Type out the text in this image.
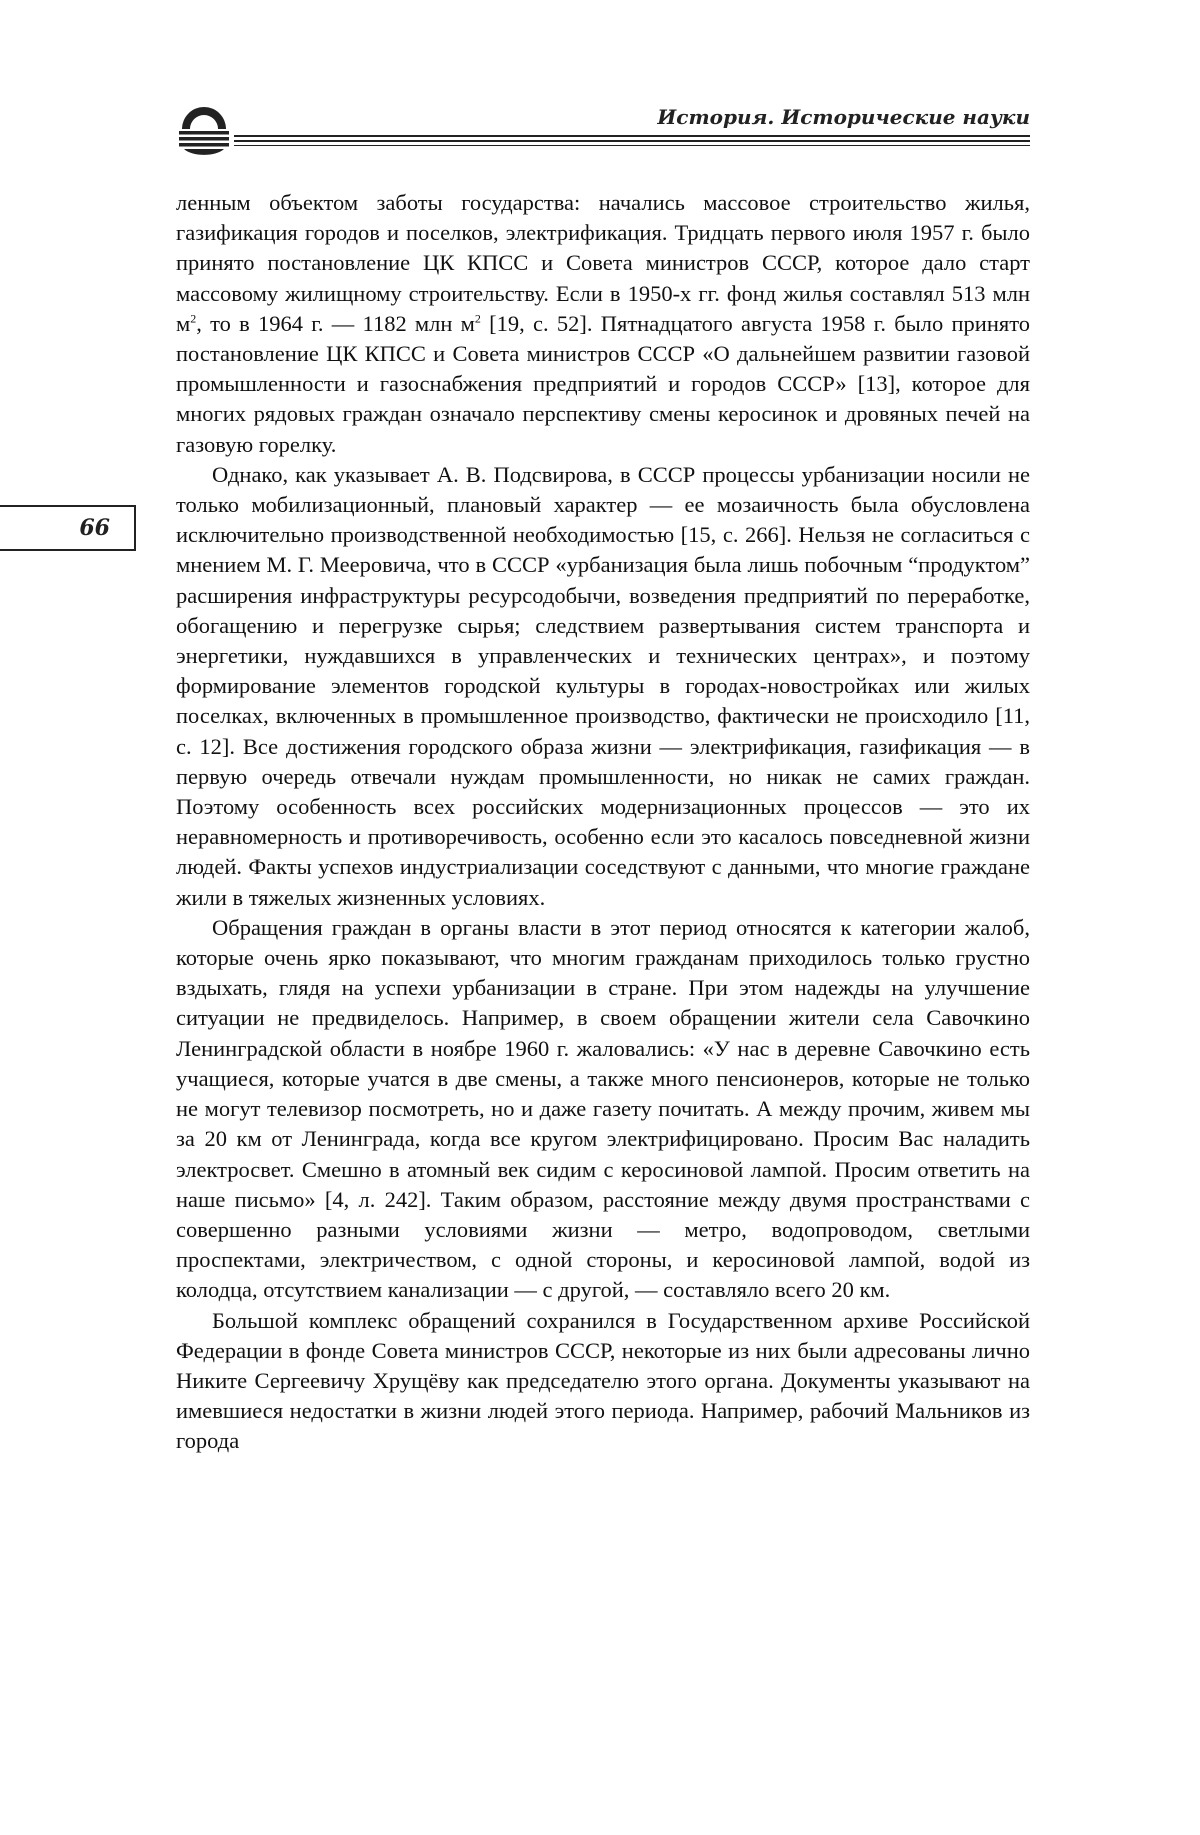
История. Исторические науки
66

ленным объектом заботы государства: начались массовое строительство жилья, газификация городов и поселков, электрификация. Тридцать первого июля 1957 г. было принято постановление ЦК КПСС и Совета министров СССР, которое дало старт массовому жилищному строительству. Если в 1950-х гг. фонд жилья составлял 513 млн $м^2$, то в 1964 г. — 1182 млн $м^2$ [19, с. 52]. Пятнадцатого августа 1958 г. было принято постановление ЦК КПСС и Совета министров СССР «О дальнейшем развитии газовой промышленности и газоснабжения предприятий и городов СССР» [13], которое для многих рядовых граждан означало перспективу смены керосинок и дровяных печей на газовую горелку.

Однако, как указывает А. В. Подсвирова, в СССР процессы урбанизации носили не только мобилизационный, плановый характер — ее мозаичность была обусловлена исключительно производственной необходимостью [15, с. 266]. Нельзя не согласиться с мнением М. Г. Мееровича, что в СССР «урбанизация была лишь побочным “продуктом” расширения инфраструктуры ресурсодобычи, возведения предприятий по переработке, обогащению и перегрузке сырья; следствием развертывания систем транспорта и энергетики, нуждавшихся в управленческих и технических центрах», и поэтому формирование элементов городской культуры в городах-новостройках или жилых поселках, включенных в промышленное производство, фактически не происходило [11, с. 12]. Все достижения городского образа жизни — электрификация, газификация — в первую очередь отвечали нуждам промышленности, но никак не самих граждан. Поэтому особенность всех российских модернизационных процессов — это их неравномерность и противоречивость, особенно если это касалось повседневной жизни людей. Факты успехов индустриализации соседствуют с данными, что многие граждане жили в тяжелых жизненных условиях.

Обращения граждан в органы власти в этот период относятся к категории жалоб, которые очень ярко показывают, что многим гражданам приходилось только грустно вздыхать, глядя на успехи урбанизации в стране. При этом надежды на улучшение ситуации не предвиделось. Например, в своем обращении жители села Савочкино Ленинградской области в ноябре 1960 г. жаловались: «У нас в деревне Савочкино есть учащиеся, которые учатся в две смены, а также много пенсионеров, которые не только не могут телевизор посмотреть, но и даже газету почитать. А между прочим, живем мы за 20 км от Ленинграда, когда все кругом электрифицировано. Просим Вас наладить электросвет. Смешно в атомный век сидим с керосиновой лампой. Просим ответить на наше письмо» [4, л. 242]. Таким образом, расстояние между двумя пространствами с совершенно разными условиями жизни — метро, водопроводом, светлыми проспектами, электричеством, с одной стороны, и керосиновой лампой, водой из колодца, отсутствием канализации — с другой, — составляло всего 20 км.

Большой комплекс обращений сохранился в Государственном архиве Российской Федерации в фонде Совета министров СССР, некоторые из них были адресованы лично Никите Сергеевичу Хрущёву как председателю этого органа. Документы указывают на имевшиеся недостатки в жизни людей этого периода. Например, рабочий Мальников из города
